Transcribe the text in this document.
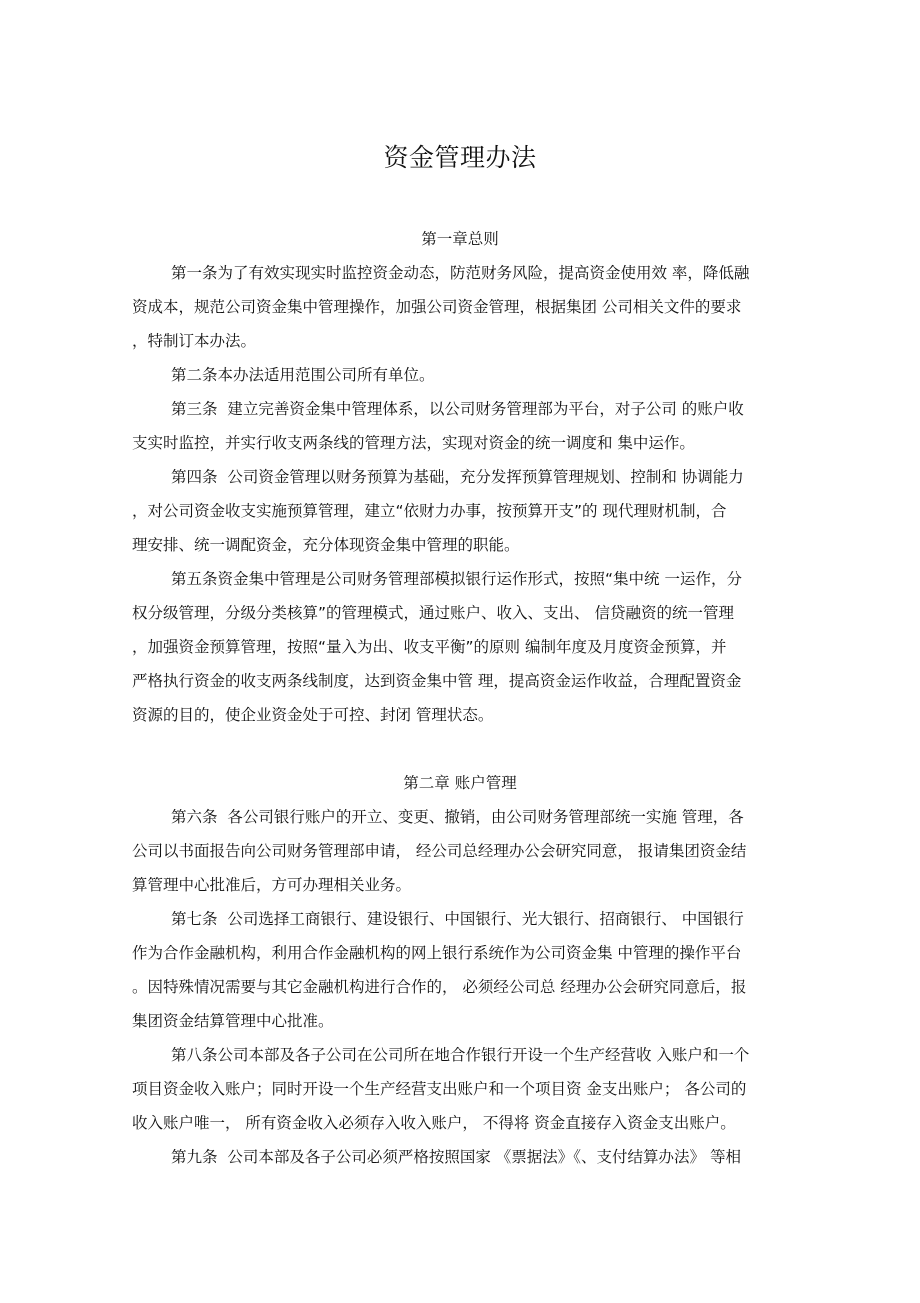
资金管理办法
第一章总则

第一条为了有效实现实时监控资金动态，防范财务风险，提高资金使用效 率，降低融

资成本，规范公司资金集中管理操作，加强公司资金管理，根据集团 公司相关文件的要求

，特制订本办法。

第二条本办法适用范围公司所有单位。

第三条  建立完善资金集中管理体系，以公司财务管理部为平台，对子公司 的账户收

支实时监控，并实行收支两条线的管理方法，实现对资金的统一调度和 集中运作。

第四条  公司资金管理以财务预算为基础，充分发挥预算管理规划、控制和 协调能力

，对公司资金收支实施预算管理，建立“依财力办事，按预算开支”的 现代理财机制，合

理安排、统一调配资金，充分体现资金集中管理的职能。

第五条资金集中管理是公司财务管理部模拟银行运作形式，按照“集中统 一运作，分

权分级管理，分级分类核算”的管理模式，通过账户、收入、支出、 信贷融资的统一管理

，加强资金预算管理，按照“量入为出、收支平衡”的原则 编制年度及月度资金预算，并

严格执行资金的收支两条线制度，达到资金集中管 理，提高资金运作收益，合理配置资金

资源的目的，使企业资金处于可控、封闭 管理状态。

第二章 账户管理

第六条  各公司银行账户的开立、变更、撤销，由公司财务管理部统一实施 管理，各

公司以书面报告向公司财务管理部申请， 经公司总经理办公会研究同意， 报请集团资金结

算管理中心批准后，方可办理相关业务。

第七条  公司选择工商银行、建设银行、中国银行、光大银行、招商银行、 中国银行

作为合作金融机构，利用合作金融机构的网上银行系统作为公司资金集 中管理的操作平台

。因特殊情况需要与其它金融机构进行合作的， 必须经公司总 经理办公会研究同意后，报

集团资金结算管理中心批准。

第八条公司本部及各子公司在公司所在地合作银行开设一个生产经营收 入账户和一个

项目资金收入账户；同时开设一个生产经营支出账户和一个项目资 金支出账户； 各公司的

收入账户唯一， 所有资金收入必须存入收入账户， 不得将 资金直接存入资金支出账户。

第九条  公司本部及各子公司必须严格按照国家 《票据法》《、支付结算办法》 等相
